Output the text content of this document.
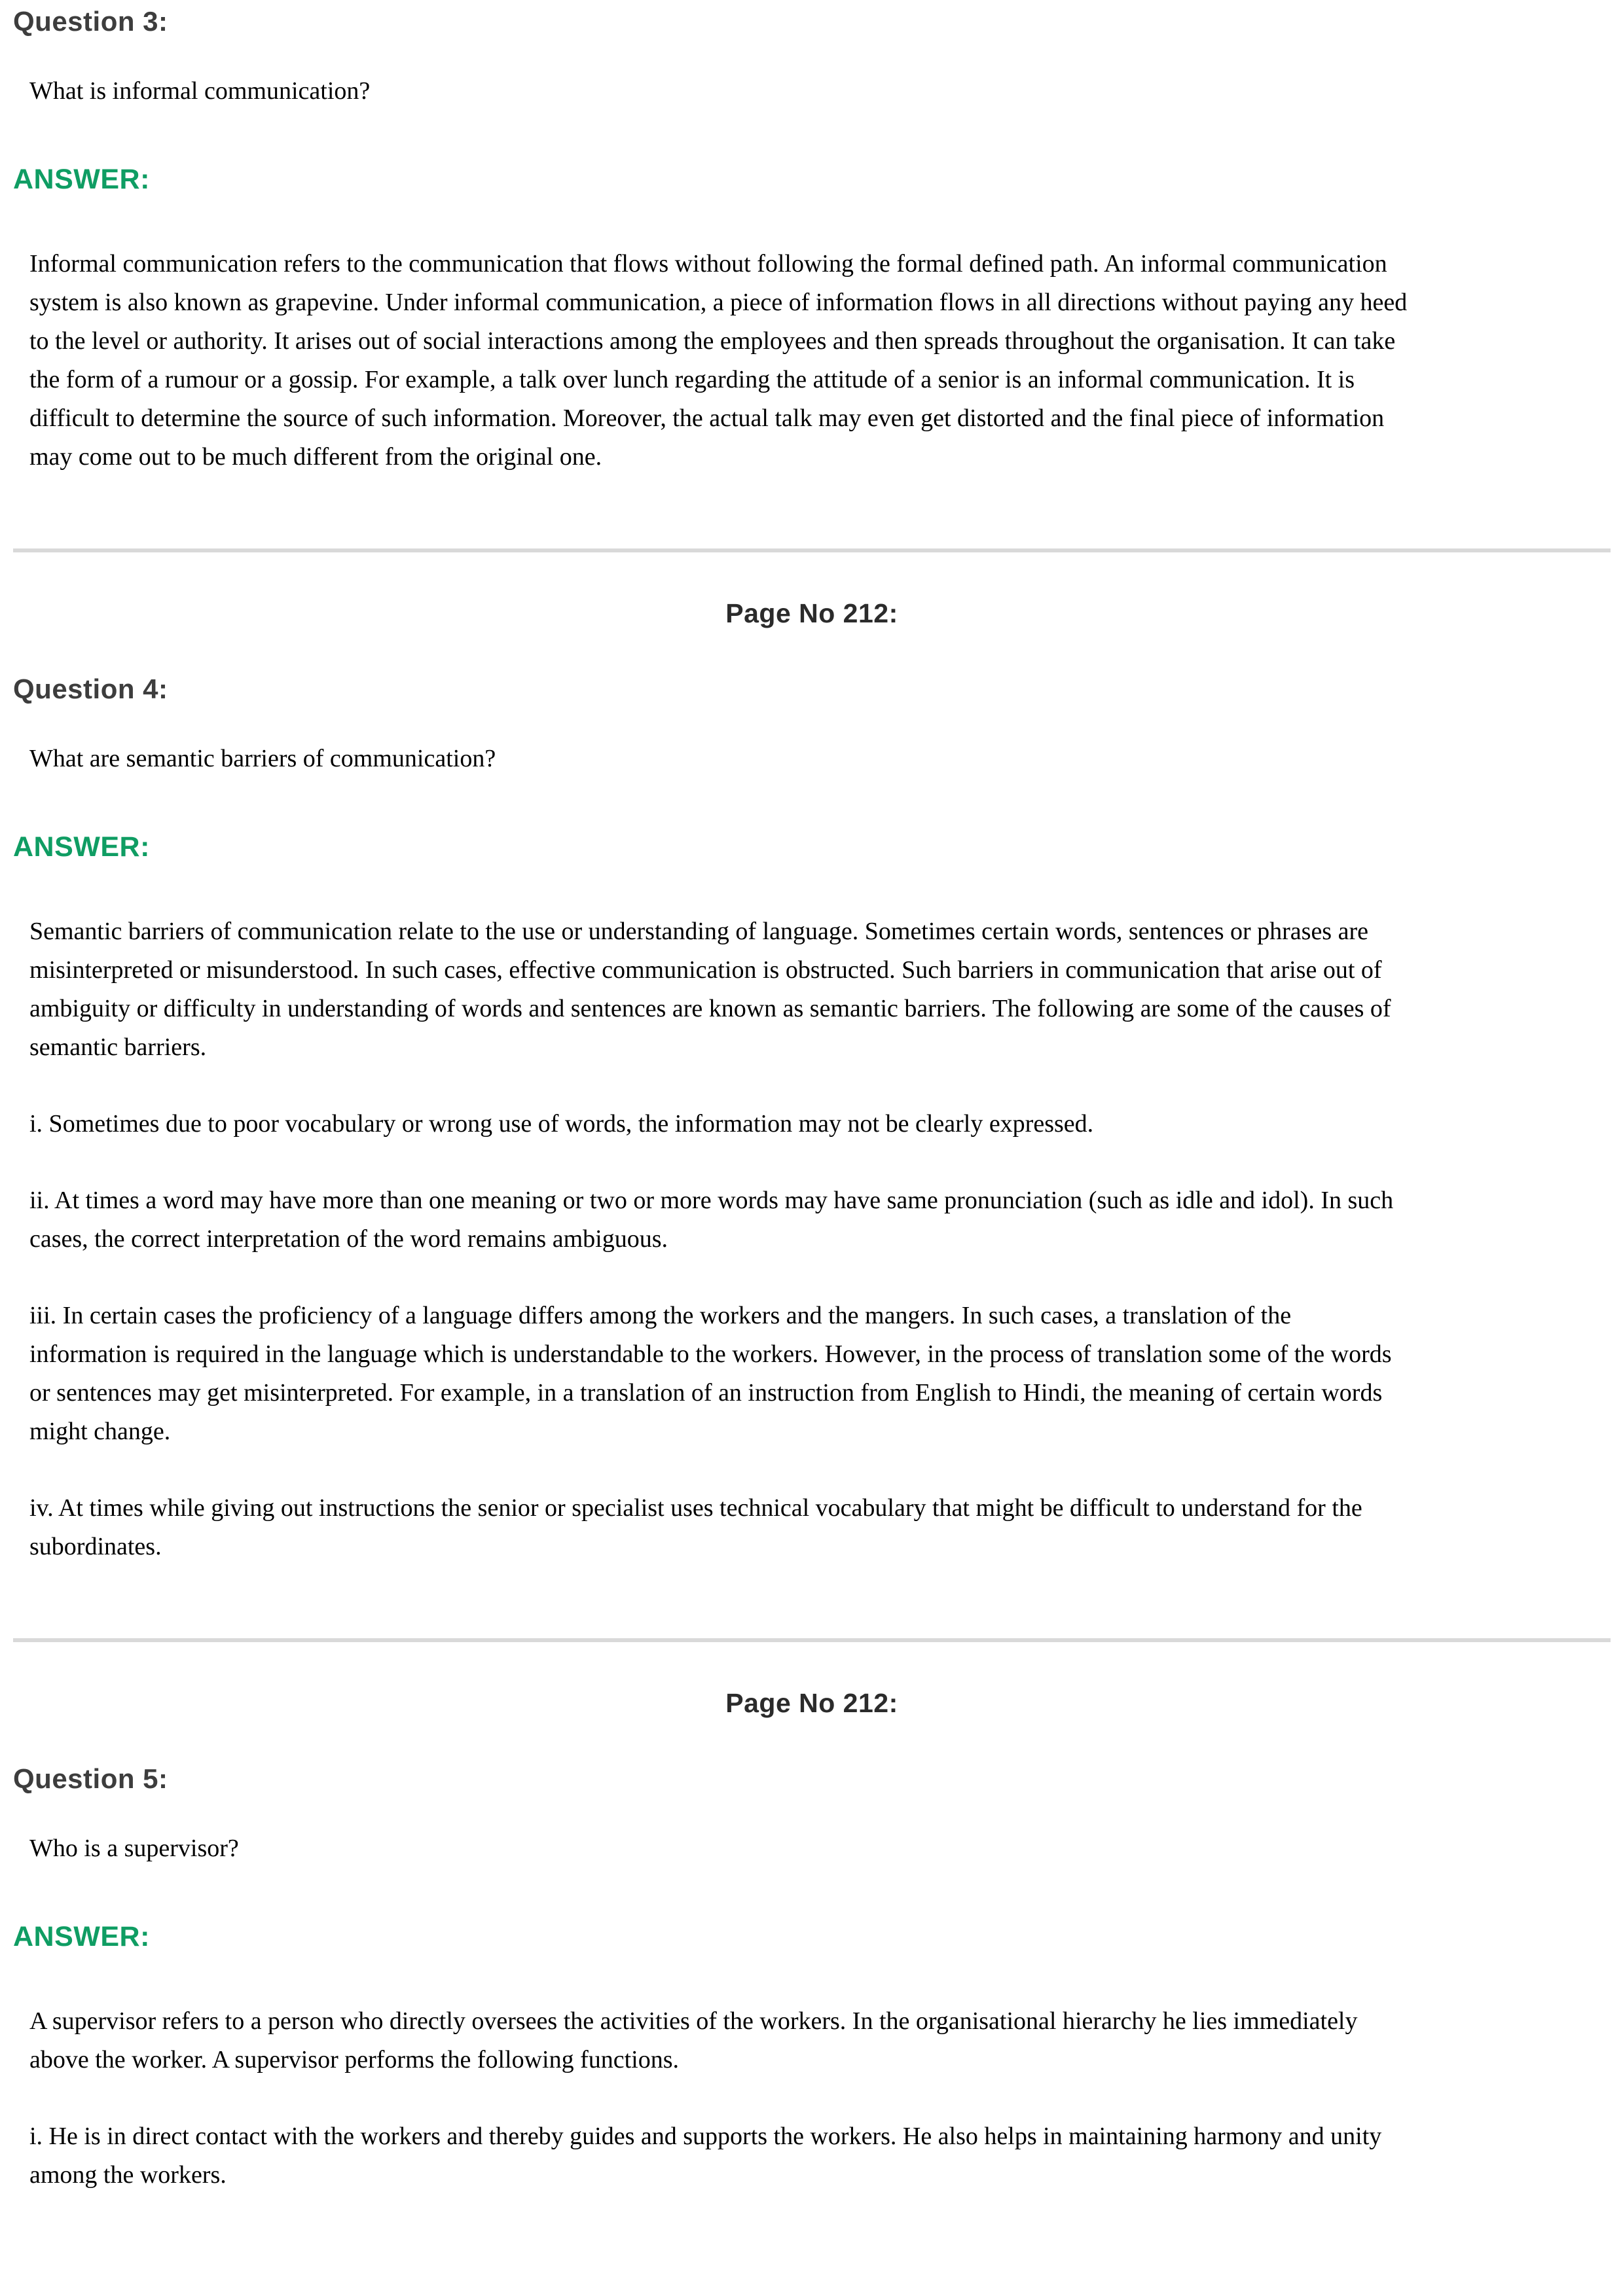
Question 3:

What is informal communication?

ANSWER:

Informal communication refers to the communication that flows without following the formal defined path. An informal communication system is also known as grapevine. Under informal communication, a piece of information flows in all directions without paying any heed to the level or authority. It arises out of social interactions among the employees and then spreads throughout the organisation. It can take the form of a rumour or a gossip. For example, a talk over lunch regarding the attitude of a senior is an informal communication. It is difficult to determine the source of such information. Moreover, the actual talk may even get distorted and the final piece of information may come out to be much different from the original one.

Page No 212:
Question 4:

What are semantic barriers of communication?

ANSWER:

Semantic barriers of communication relate to the use or understanding of language. Sometimes certain words, sentences or phrases are misinterpreted or misunderstood. In such cases, effective communication is obstructed. Such barriers in communication that arise out of ambiguity or difficulty in understanding of words and sentences are known as semantic barriers. The following are some of the causes of semantic barriers.

i. Sometimes due to poor vocabulary or wrong use of words, the information may not be clearly expressed.

ii. At times a word may have more than one meaning or two or more words may have same pronunciation (such as idle and idol). In such cases, the correct interpretation of the word remains ambiguous.

iii. In certain cases the proficiency of a language differs among the workers and the mangers. In such cases, a translation of the information is required in the language which is understandable to the workers. However, in the process of translation some of the words or sentences may get misinterpreted. For example, in a translation of an instruction from English to Hindi, the meaning of certain words might change.

iv. At times while giving out instructions the senior or specialist uses technical vocabulary that might be difficult to understand for the subordinates.

Page No 212:
Question 5:

Who is a supervisor?

ANSWER:

A supervisor refers to a person who directly oversees the activities of the workers. In the organisational hierarchy he lies immediately above the worker. A supervisor performs the following functions.

i. He is in direct contact with the workers and thereby guides and supports the workers. He also helps in maintaining harmony and unity among the workers.
